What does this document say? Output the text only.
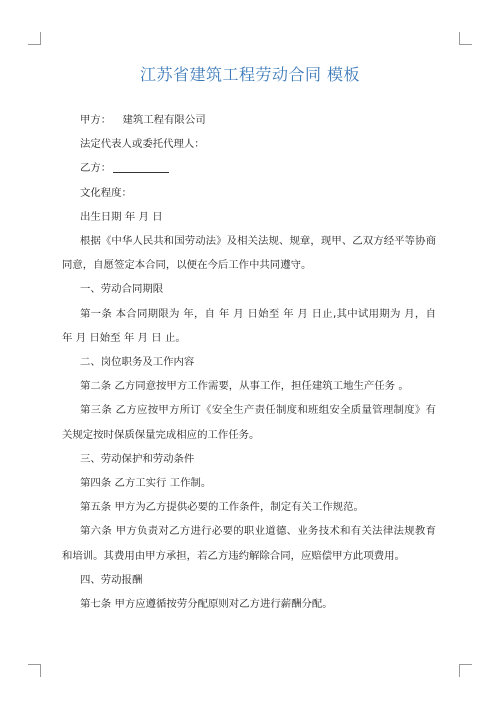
江苏省建筑工程劳动合同 模板
甲方： 建筑工程有限公司
法定代表人或委托代理人：
乙方：
文化程度：
出生日期 年 月 日
根据《中华人民共和国劳动法》及相关法规、规章，现甲、乙双方经平等协商同意，自愿签定本合同，以便在今后工作中共同遵守。
一、劳动合同期限
第一条 本合同期限为 年，自 年 月 日始至 年 月 日止,其中试用期为 月，自 年 月 日始至 年 月 日 止。
二、岗位职务及工作内容
第二条 乙方同意按甲方工作需要，从事工作，担任建筑工地生产任务 。
第三条 乙方应按甲方所订《安全生产责任制度和班组安全质量管理制度》有关规定按时保质保量完成相应的工作任务。
三、劳动保护和劳动条件
第四条 乙方工实行 工作制。
第五条 甲方为乙方提供必要的工作条件，制定有关工作规范。
第六条 甲方负责对乙方进行必要的职业道德、业务技术和有关法律法规教育和培训。其费用由甲方承担，若乙方违约解除合同，应赔偿甲方此项费用。
四、劳动报酬
第七条 甲方应遵循按劳分配原则对乙方进行薪酬分配。
